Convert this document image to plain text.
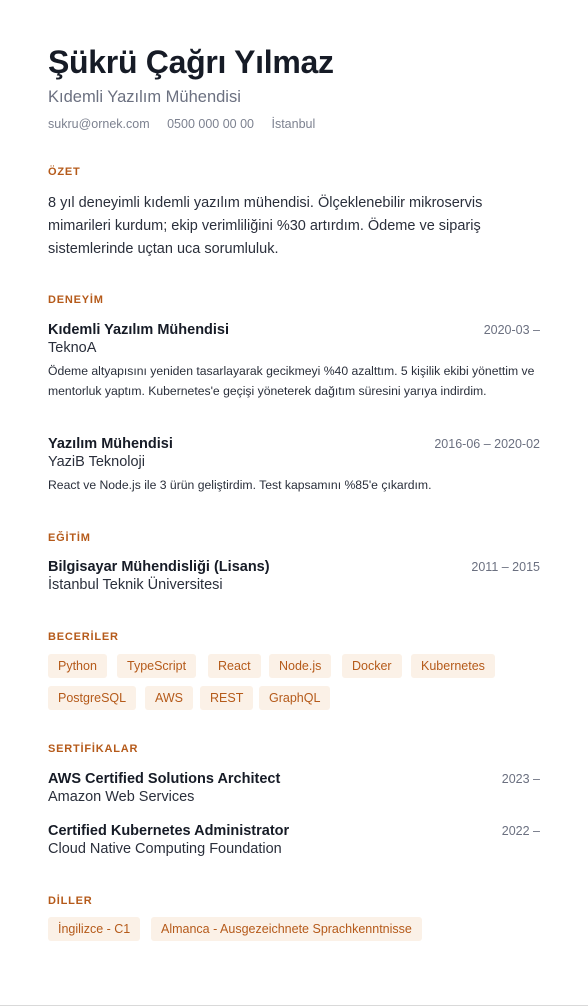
Şükrü Çağrı Yılmaz
Kıdemli Yazılım Mühendisi
sukru@ornek.com 0500 000 00 00 İstanbul
ÖZET
8 yıl deneyimli kıdemli yazılım mühendisi. Ölçeklenebilir mikroservis mimarileri kurdum; ekip verimliliğini %30 artırdım. Ödeme ve sipariş sistemlerinde uçtan uca sorumluluk.
DENEYİM
Kıdemli Yazılım Mühendisi	2020-03 –
TeknoA
Ödeme altyapısını yeniden tasarlayarak gecikmeyi %40 azalttım. 5 kişilik ekibi yönettim ve mentorluk yaptım. Kubernetes'e geçişi yöneterek dağıtım süresini yarıya indirdim.
Yazılım Mühendisi	2016-06 – 2020-02
YaziB Teknoloji
React ve Node.js ile 3 ürün geliştirdim. Test kapsamını %85'e çıkardım.
EĞİTİM
Bilgisayar Mühendisliği (Lisans)	2011 – 2015
İstanbul Teknik Üniversitesi
BECERİLER
Python	TypeScript	React	Node.js	Docker	Kubernetes
PostgreSQL	AWS	REST	GraphQL
SERTİFİKALAR
AWS Certified Solutions Architect	2023 –
Amazon Web Services
Certified Kubernetes Administrator	2022 –
Cloud Native Computing Foundation
DİLLER
İngilizce - C1	Almanca - Ausgezeichnete Sprachkenntnisse
